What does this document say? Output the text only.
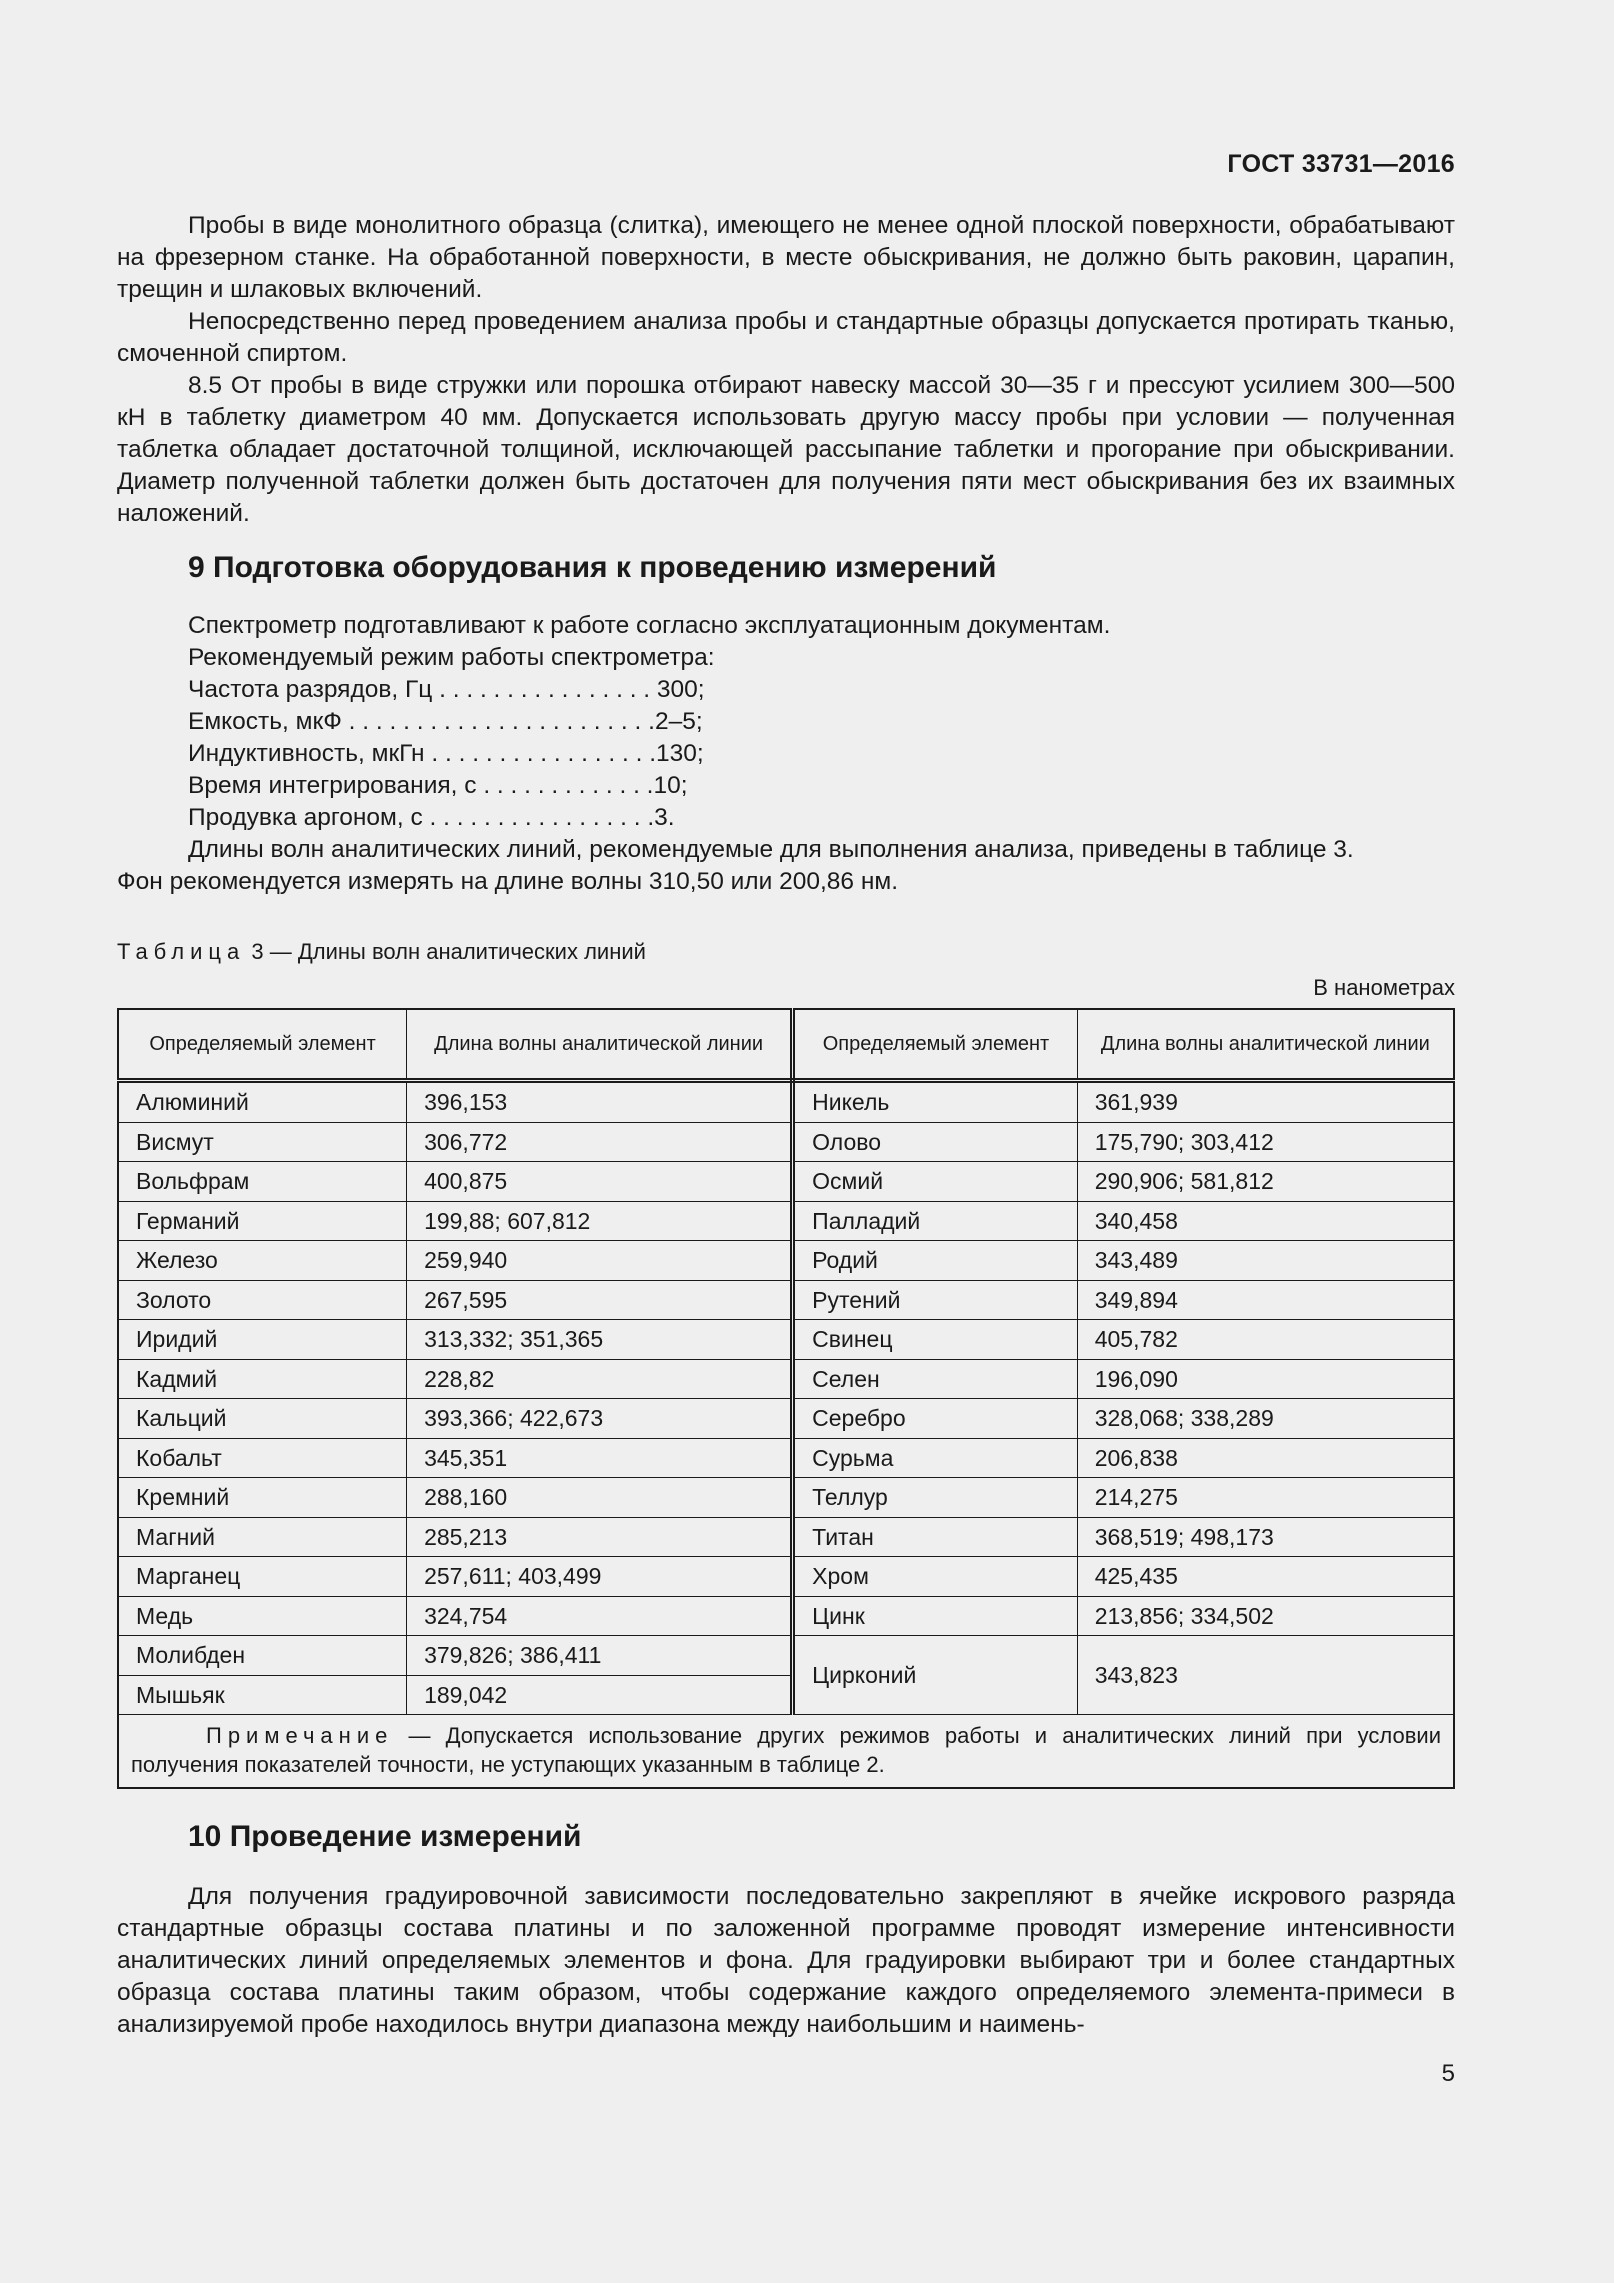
ГОСТ 33731—2016

Пробы в виде монолитного образца (слитка), имеющего не менее одной плоской поверхности, обрабатывают на фрезерном станке. На обработанной поверхности, в месте обыскривания, не должно быть раковин, царапин, трещин и шлаковых включений.

Непосредственно перед проведением анализа пробы и стандартные образцы допускается протирать тканью, смоченной спиртом.

8.5 От пробы в виде стружки или порошка отбирают навеску массой 30—35 г и прессуют усилием 300—500 кН в таблетку диаметром 40 мм. Допускается использовать другую массу пробы при условии — полученная таблетка обладает достаточной толщиной, исключающей рассыпание таблетки и прогорание при обыскривании. Диаметр полученной таблетки должен быть достаточен для получения пяти мест обыскривания без их взаимных наложений.

9 Подготовка оборудования к проведению измерений
Спектрометр подготавливают к работе согласно эксплуатационным документам.
Рекомендуемый режим работы спектрометра:
Частота разрядов, Гц . . . . . . . . . . . . . . . . 300;
Емкость, мкФ . . . . . . . . . . . . . . . . . . . . . . .2–5;
Индуктивность, мкГн . . . . . . . . . . . . . . . . .130;
Время интегрирования, с . . . . . . . . . . . . .10;
Продувка аргоном, с . . . . . . . . . . . . . . . . .3.

Длины волн аналитических линий, рекомендуемые для выполнения анализа, приведены в таблице 3.

Фон рекомендуется измерять на длине волны 310,50 или 200,86 нм.

Таблица 3 — Длины волн аналитических линий
В нанометрах
Определяемый элемент	Длина волны аналитической линии	Определяемый элемент	Длина волны аналитической линии
Алюминий	396,153	Никель	361,939
Висмут	306,772	Олово	175,790; 303,412
Вольфрам	400,875	Осмий	290,906; 581,812
Германий	199,88; 607,812	Палладий	340,458
Железо	259,940	Родий	343,489
Золото	267,595	Рутений	349,894
Иридий	313,332; 351,365	Свинец	405,782
Кадмий	228,82	Селен	196,090
Кальций	393,366; 422,673	Серебро	328,068; 338,289
Кобальт	345,351	Сурьма	206,838
Кремний	288,160	Теллур	214,275
Магний	285,213	Титан	368,519; 498,173
Марганец	257,611; 403,499	Хром	425,435
Медь	324,754	Цинк	213,856; 334,502
Молибден	379,826; 386,411	Цирконий	343,823
Мышьяк	189,042		
Примечание — Допускается использование других режимов работы и аналитических линий при условии получения показателей точности, не уступающих указанным в таблице 2.			
10 Проведение измерений

Для получения градуировочной зависимости последовательно закрепляют в ячейке искрового разряда стандартные образцы состава платины и по заложенной программе проводят измерение интенсивности аналитических линий определяемых элементов и фона. Для градуировки выбирают три и более стандартных образца состава платины таким образом, чтобы содержание каждого определяемого элемента-примеси в анализируемой пробе находилось внутри диапазона между наибольшим и наимень-

5
